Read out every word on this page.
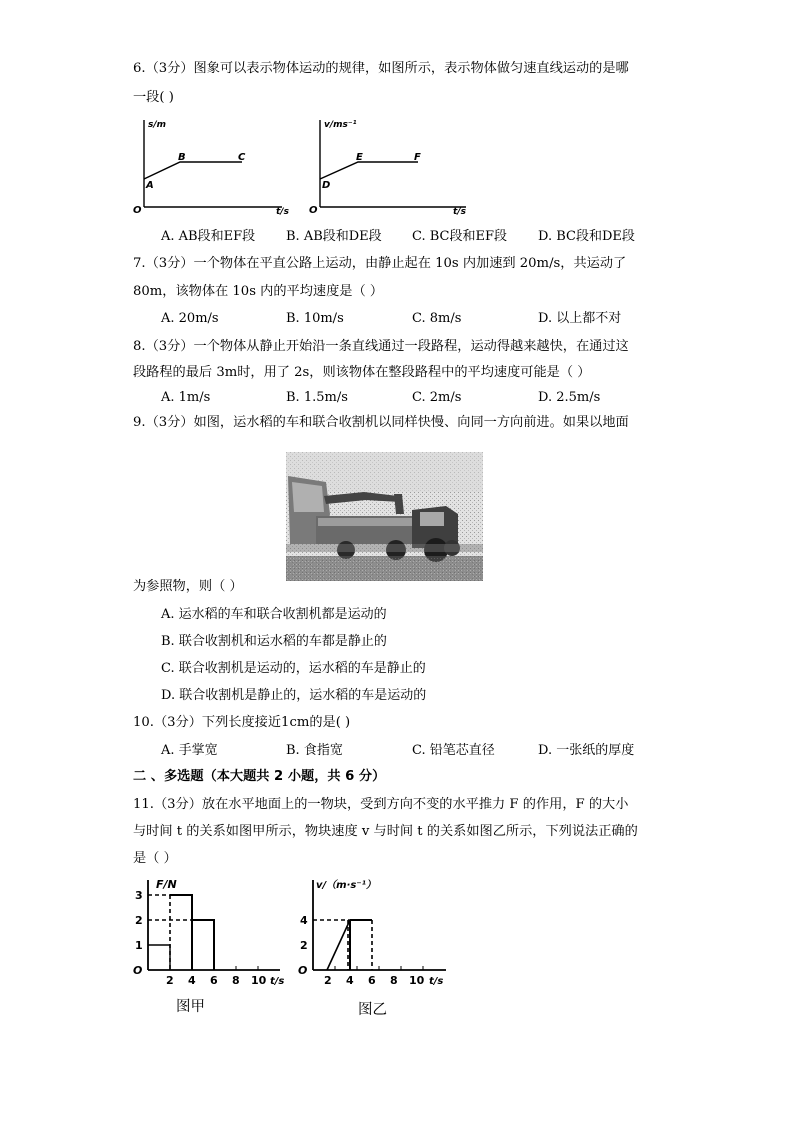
6.（3分）图象可以表示物体运动的规律，如图所示，表示物体做匀速直线运动的是哪
一段( )
s/m
O	t/s
A
B	C
v/ms⁻¹
O	t/s
D
E	F
A. AB段和EF段 B. AB段和DE段 C. BC段和EF段 D. BC段和DE段
7.（3分）一个物体在平直公路上运动，由静止起在 10s 内加速到 20m/s，共运动了
80m，该物体在 10s 内的平均速度是（ ）
A. 20m/s	B. 10m/s	C. 8m/s	D. 以上都不对
8.（3分）一个物体从静止开始沿一条直线通过一段路程，运动得越来越快，在通过这
段路程的最后 3m时，用了 2s，则该物体在整段路程中的平均速度可能是（ ）
A. 1m/s	B. 1.5m/s	C. 2m/s	D. 2.5m/s
9.（3分）如图，运水稻的车和联合收割机以同样快慢、向同一方向前进。如果以地面
为参照物，则（ ）
A. 运水稻的车和联合收割机都是运动的
B. 联合收割机和运水稻的车都是静止的
C. 联合收割机是运动的，运水稻的车是静止的
D. 联合收割机是静止的，运水稻的车是运动的
10.（3分）下列长度接近1cm的是( )
A. 手掌宽	B. 食指宽	C. 铅笔芯直径	D. 一张纸的厚度
二 、多选题（本大题共 2 小题，共 6 分）
11.（3分）放在水平地面上的一物块，受到方向不变的水平推力 F 的作用，F 的大小
与时间 t 的关系如图甲所示，物块速度 v 与时间 t 的关系如图乙所示，下列说法正确的
是（ ）
F/N
O
1
2
3
2 4 6 8 10 t/s
图甲
v/（m·s⁻¹）
O
2
4
2 4 6 8 10 t/s
图乙
